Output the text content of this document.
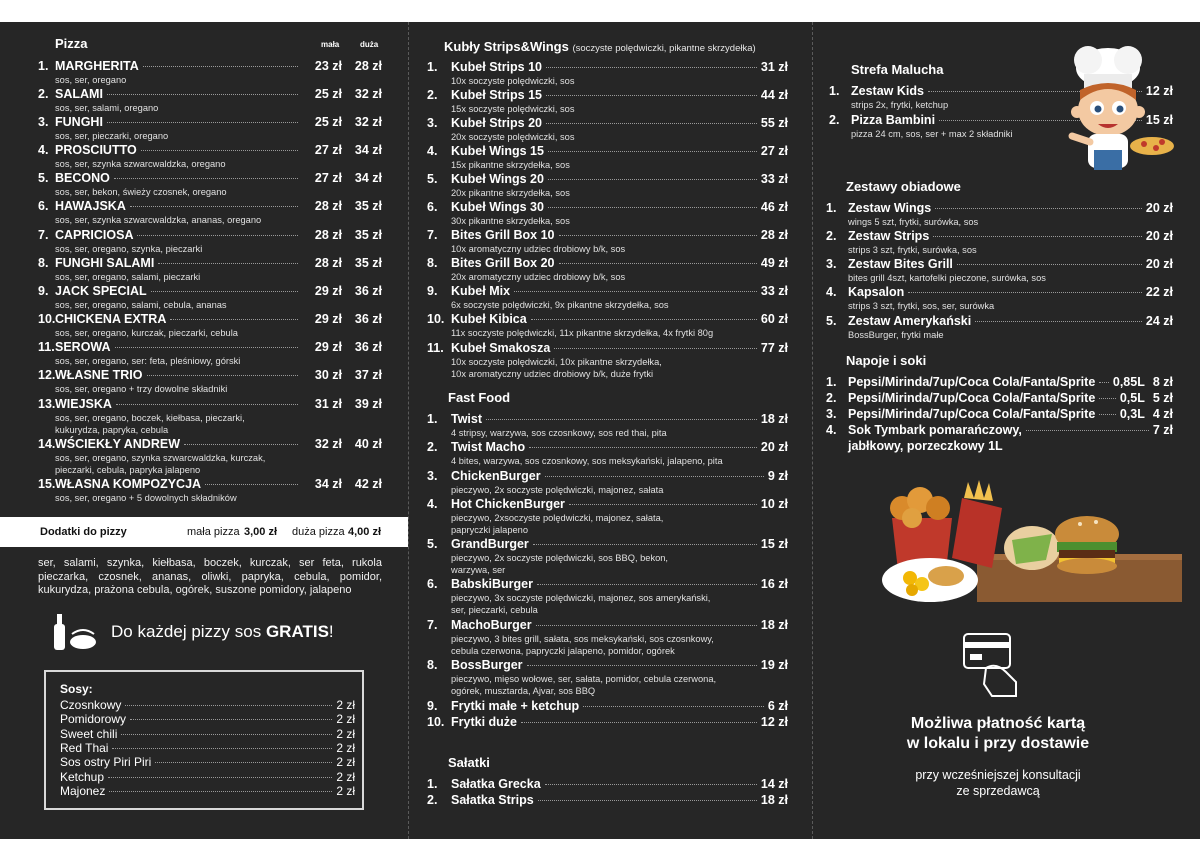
Pizza	mała	duża
1. MARGHERITA	23 zł	28 zł
sos, ser, oregano
2. SALAMI	25 zł	32 zł
sos, ser, salami, oregano
3. FUNGHI	25 zł	32 zł
sos, ser, pieczarki, oregano
4. PROSCIUTTO	27 zł	34 zł
sos, ser, szynka szwarcwaldzka, oregano
5. BECONO	27 zł	34 zł
sos, ser, bekon, świeży czosnek, oregano
6. HAWAJSKA	28 zł	35 zł
sos, ser, szynka szwarcwaldzka, ananas, oregano
7. CAPRICIOSA	28 zł	35 zł
sos, ser, oregano, szynka, pieczarki
8. FUNGHI SALAMI	28 zł	35 zł
sos, ser, oregano, salami, pieczarki
9. JACK SPECIAL	29 zł	36 zł
sos, ser, oregano, salami, cebula, ananas
10. CHICKENA EXTRA	29 zł	36 zł
sos, ser, oregano, kurczak, pieczarki, cebula
11. SEROWA	29 zł	36 zł
sos, ser, oregano, ser: feta, pleśniowy, górski
12. WŁASNE TRIO	30 zł	37 zł
sos, ser, oregano + trzy dowolne składniki
13. WIEJSKA	31 zł	39 zł
sos, ser, oregano, boczek, kiełbasa, pieczarki,
kukurydza, papryka, cebula
14. WŚCIEKŁY ANDREW	32 zł	40 zł
sos, ser, oregano, szynka szwarcwaldzka, kurczak,
pieczarki, cebula, papryka jalapeno
15. WŁASNA KOMPOZYCJA	34 zł	42 zł
sos, ser, oregano + 5 dowolnych składników
Dodatki do pizzy	mała pizza 3,00 zł duża pizza 4,00 zł
ser, salami, szynka, kiełbasa, boczek, kurczak, ser feta, rukola pieczarka, czosnek, ananas, oliwki, papryka, cebula, pomidor, kukurydza, prażona cebula, ogórek, suszone pomidory, jalapeno
Do każdej pizzy sos GRATIS!
Sosy:
Czosnkowy	2 zł
Pomidorowy	2 zł
Sweet chili	2 zł
Red Thai	2 zł
Sos ostry Piri Piri	2 zł
Ketchup	2 zł
Majonez	2 zł
Kubły Strips&Wings (soczyste polędwiczki, pikantne skrzydełka)
1.	Kubeł Strips 10	31 zł
10x soczyste polędwiczki, sos
2.	Kubeł Strips 15	44 zł
15x soczyste polędwiczki, sos
3.	Kubeł Strips 20	55 zł
20x soczyste polędwiczki, sos
4.	Kubeł Wings 15	27 zł
15x pikantne skrzydełka, sos
5.	Kubeł Wings 20	33 zł
20x pikantne skrzydełka, sos
6.	Kubeł Wings 30	46 zł
30x pikantne skrzydełka, sos
7.	Bites Grill Box 10	28 zł
10x aromatyczny udziec drobiowy b/k, sos
8.	Bites Grill Box 20	49 zł
20x aromatyczny udziec drobiowy b/k, sos
9.	Kubeł Mix	33 zł
6x soczyste polędwiczki, 9x pikantne skrzydełka, sos
10. Kubeł Kibica	60 zł
11x soczyste polędwiczki, 11x pikantne skrzydełka, 4x frytki 80g
11. Kubeł Smakosza	77 zł
10x soczyste polędwiczki, 10x pikantne skrzydełka,
10x aromatyczny udziec drobiowy b/k, duże frytki
Fast Food
1.	Twist	18 zł
4 stripsy, warzywa, sos czosnkowy, sos red thai, pita
2.	Twist Macho	20 zł
4 bites, warzywa, sos czosnkowy, sos meksykański, jalapeno, pita
3.	ChickenBurger	9 zł
pieczywo, 2x soczyste polędwiczki, majonez, sałata
4.	Hot ChickenBurger	10 zł
pieczywo, 2xsoczyste polędwiczki, majonez, sałata,
papryczki jalapeno
5.	GrandBurger	15 zł
pieczywo, 2x soczyste polędwiczki, sos BBQ, bekon,
warzywa, ser
6.	BabskiBurger	16 zł
pieczywo, 3x soczyste polędwiczki, majonez, sos amerykański,
ser, pieczarki, cebula
7.	MachoBurger	18 zł
pieczywo, 3 bites grill, sałata, sos meksykański, sos czosnkowy,
cebula czerwona, papryczki jalapeno, pomidor, ogórek
8.	BossBurger	19 zł
pieczywo, mięso wołowe, ser, sałata, pomidor, cebula czerwona,
ogórek, musztarda, Ajvar, sos BBQ
9.	Frytki małe + ketchup	6 zł
10. Frytki duże	12 zł
Sałatki
1.	Sałatka Grecka	14 zł
2.	Sałatka Strips	18 zł
Strefa Malucha
1. Zestaw Kids	12 zł
strips 2x, frytki, ketchup
2. Pizza Bambini	15 zł
pizza 24 cm, sos, ser + max 2 składniki
Zestawy obiadowe
1. Zestaw Wings	20 zł
wings 5 szt, frytki, surówka, sos
2. Zestaw Strips	20 zł
strips 3 szt, frytki, surówka, sos
3. Zestaw Bites Grill	20 zł
bites grill 4szt, kartofelki pieczone, surówka, sos
4. Kapsalon	22 zł
strips 3 szt, frytki, sos, ser, surówka
5. Zestaw Amerykański	24 zł
BossBurger, frytki małe
Napoje i soki
1. Pepsi/Mirinda/7up/Coca Cola/Fanta/Sprite 0,85L 8 zł
2. Pepsi/Mirinda/7up/Coca Cola/Fanta/Sprite 0,5L 5 zł
3. Pepsi/Mirinda/7up/Coca Cola/Fanta/Sprite 0,3L 4 zł
4. Sok Tymbark pomarańczowy,	7 zł
jabłkowy, porzeczkowy 1L
Możliwa płatność kartą
w lokalu i przy dostawie
przy wcześniejszej konsultacji
ze sprzedawcą
